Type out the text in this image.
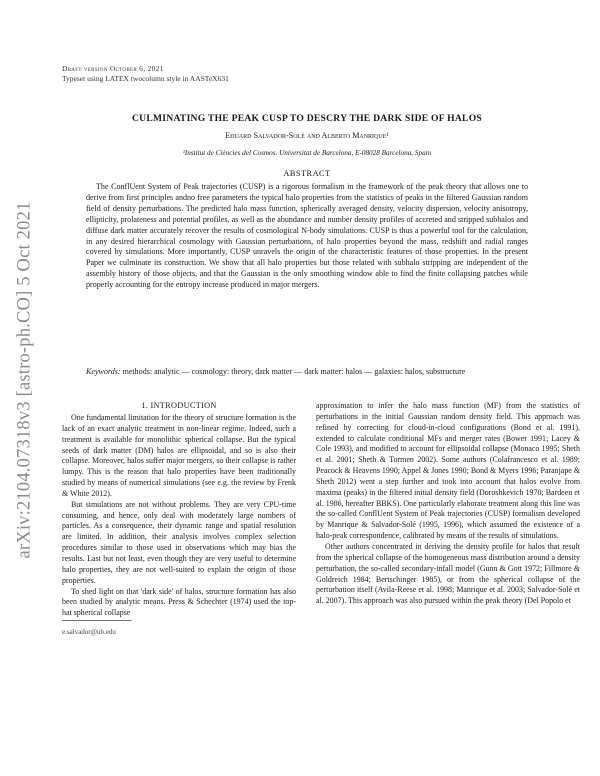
arXiv:2104.07318v3 [astro-ph.CO] 5 Oct 2021
Draft version October 6, 2021
Typeset using LATEX twocolumn style in AASTeX631
CULMINATING THE PEAK CUSP TO DESCRY THE DARK SIDE OF HALOS
Eduard Salvador-Solé and Alberto Manrique¹
¹Institut de Ciències del Cosmos. Universitat de Barcelona, E-08028 Barcelona, Spain
ABSTRACT

The ConflUent System of Peak trajectories (CUSP) is a rigorous formalism in the framework of the peak theory that allows one to derive from first principles andno free parameters the typical halo properties from the statistics of peaks in the filtered Gaussian random field of density perturbations. The predicted halo mass function, spherically averaged density, velocity dispersion, velocity anisotropy, ellipticity, prolateness and potential profiles, as well as the abundance and number density profiles of accreted and stripped subhalos and diffuse dark matter accurately recover the results of cosmological N-body simulations. CUSP is thus a powerful tool for the calculation, in any desired hierarchical cosmology with Gaussian perturbations, of halo properties beyond the mass, redshift and radial ranges covered by simulations. More importantly, CUSP unravels the origin of the characteristic features of those properties. In the present Paper we culminate its construction. We show that all halo properties but those related with subhalo stripping are independent of the assembly history of those objects, and that the Gaussian is the only smoothing window able to find the finite collapsing patches while properly accounting for the entropy increase produced in major mergers.

Keywords: methods: analytic — cosmology: theory, dark matter — dark matter: halos — galaxies: halos, substructure

1. INTRODUCTION

One fundamental limitation for the theory of structure formation is the lack of an exact analytic treatment in non-linear regime. Indeed, such a treatment is available for monolithic spherical collapse. But the typical seeds of dark matter (DM) halos are ellipsoidal, and so is also their collapse. Moreover, halos suffer major mergers, so their collapse is rather lumpy. This is the reason that halo properties have been traditionally studied by means of numerical simulations (see e.g. the review by Frenk & White 2012).

But simulations are not without problems. They are very CPU-time consuming, and hence, only deal with moderately large numbers of particles. As a consequence, their dynamic range and spatial resolution are limited. In addition, their analysis involves complex selection procedures similar to those used in observations which may bias the results. Last but not least, even though they are very useful to determine halo properties, they are not well-suited to explain the origin of those properties.

To shed light on that 'dark side' of halos, structure formation has also been studied by analytic means. Press & Schechter (1974) used the top-hat spherical collapse

e.salvador@ub.edu

approximation to infer the halo mass function (MF) from the statistics of perturbations in the initial Gaussian random density field. This approach was refined by correcting for cloud-in-cloud configurations (Bond et al. 1991), extended to calculate conditional MFs and merger rates (Bower 1991; Lacey & Cole 1993), and modified to account for ellipsoidal collapse (Monaco 1995; Sheth et al. 2001; Sheth & Tormen 2002). Some authors (Colafrancesco et al. 1989; Peacock & Heavens 1990; Appel & Jones 1990; Bond & Myers 1996; Paranjape & Sheth 2012) went a step further and took into account that halos evolve from maxima (peaks) in the filtered initial density field (Doroshkevich 1970; Bardeen et al. 1986, hereafter BBKS). One particularly elaborate treatment along this line was the so-called ConflUent System of Peak trajectories (CUSP) formalism developed by Manrique & Salvador-Solé (1995, 1996), which assumed the existence of a halo-peak correspondence, calibrated by means of the results of simulations.

Other authors concentrated in deriving the density profile for halos that result from the spherical collapse of the homogeneous mass distribution around a density perturbation, the so-called secondary-infall model (Gunn & Gott 1972; Fillmore & Goldreich 1984; Bertschinger 1985), or from the spherical collapse of the perturbation itself (Avila-Reese et al. 1998; Manrique et al. 2003; Salvador-Solé et al. 2007). This approach was also pursued within the peak theory (Del Popolo et
